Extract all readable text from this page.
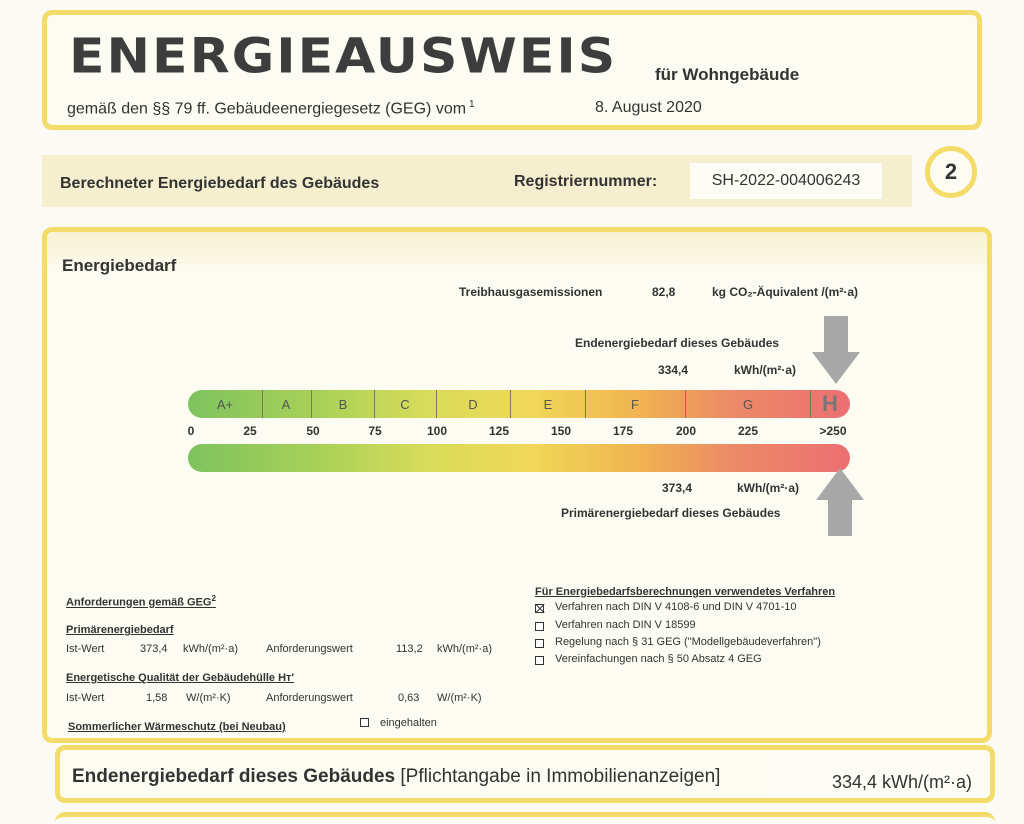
ENERGIEAUSWEIS für Wohngebäude
gemäß den §§ 79 ff. Gebäudeenergiegesetz (GEG) vom $^1$	8. August 2020
Berechneter Energiebedarf des Gebäudes	Registriernummer:	SH-2022-004006243	2
Energiebedarf
Treibhausgasemissionen	82,8	kg CO₂-Äquivalent /(m²·a)
Endenergiebedarf dieses Gebäudes
334,4	kWh/(m²·a)
A+	A	B	C	D	E	F	G	H
0	25	50	75	100	125	150	175	200	225	>250
373,4	kWh/(m²·a)
Primärenergiebedarf dieses Gebäudes
Anforderungen gemäß GEG$^2$
Primärenergiebedarf
Ist-Wert	373,4 kWh/(m²·a)	Anforderungswert	113,2 kWh/(m²·a)
Energetische Qualität der Gebäudehülle Hᴛ'
Ist-Wert	1,58 W/(m²·K)	Anforderungswert	0,63 W/(m²·K)
Sommerlicher Wärmeschutz (bei Neubau)	eingehalten
Für Energiebedarfsberechnungen verwendetes Verfahren
Verfahren nach DIN V 4108-6 und DIN V 4701-10
Verfahren nach DIN V 18599
Regelung nach § 31 GEG ("Modellgebäudeverfahren")
Vereinfachungen nach § 50 Absatz 4 GEG
Endenergiebedarf dieses Gebäudes [Pflichtangabe in Immobilienanzeigen]	334,4 kWh/(m²·a)
